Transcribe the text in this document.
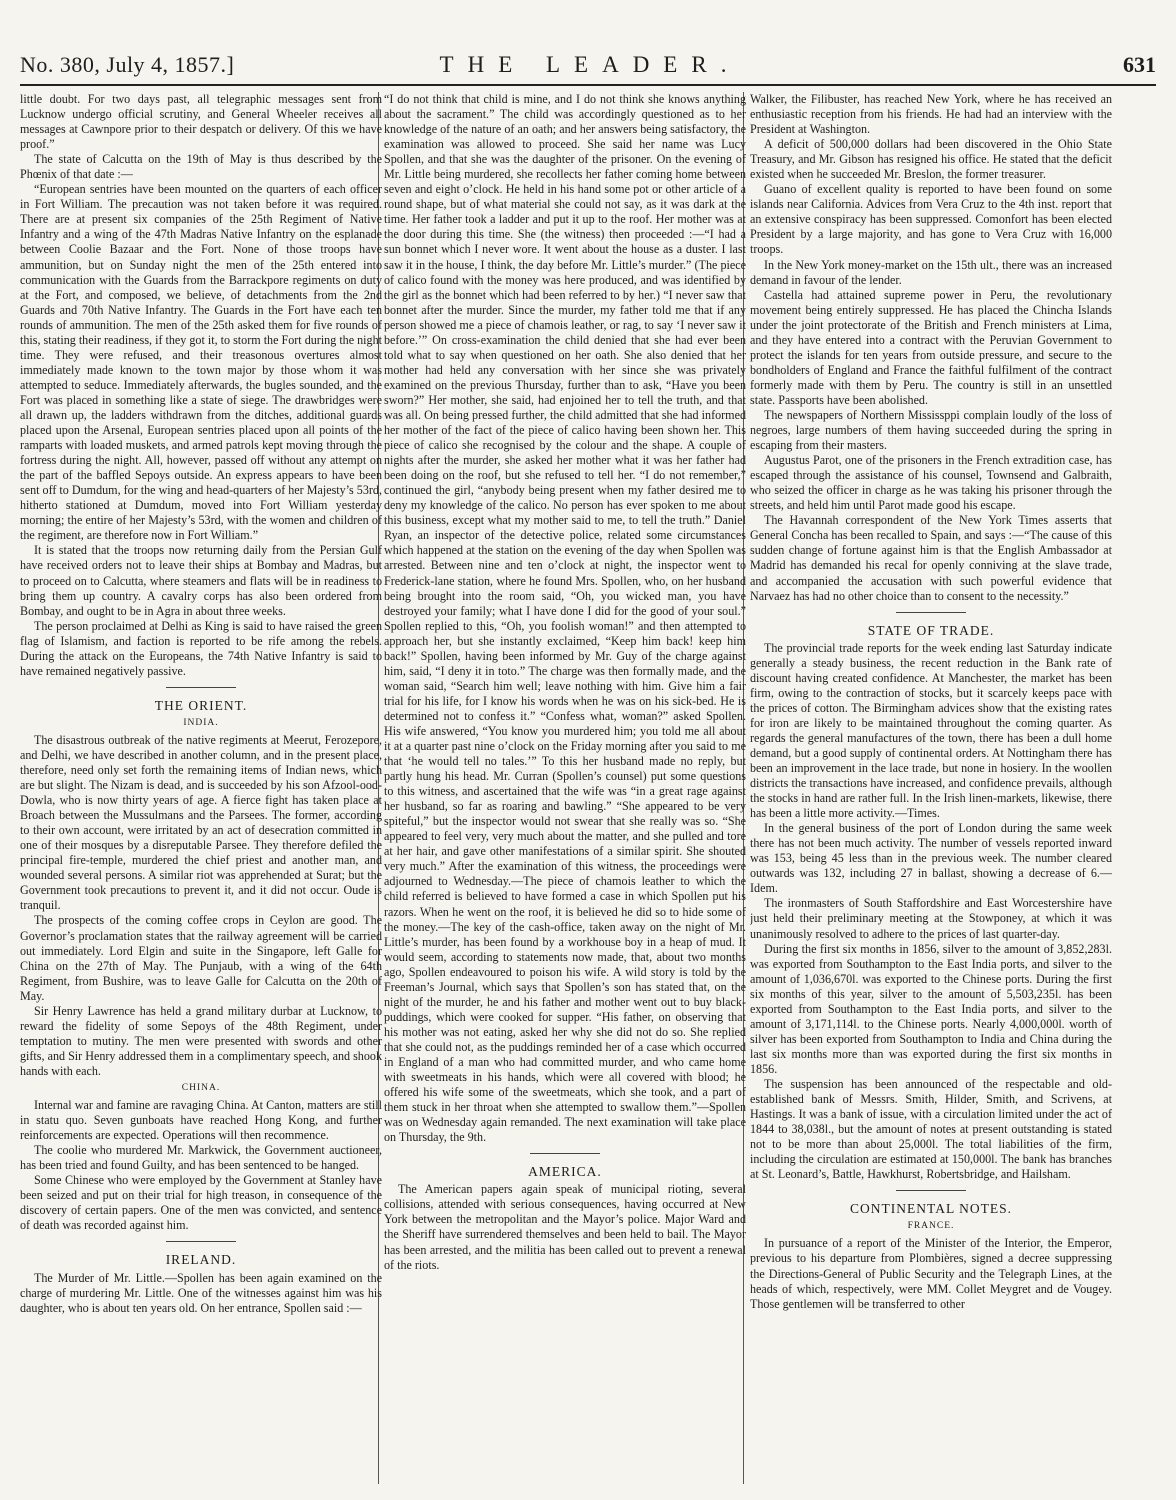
No. 380, July 4, 1857.]	THE LEADER.	631

little doubt. For two days past, all telegraphic messages sent from Lucknow undergo official scrutiny, and General Wheeler receives all messages at Cawnpore prior to their despatch or delivery. Of this we have proof.”

The state of Calcutta on the 19th of May is thus described by the Phœnix of that date :—

“European sentries have been mounted on the quarters of each officer in Fort William. The precaution was not taken before it was required. There are at present six companies of the 25th Regiment of Native Infantry and a wing of the 47th Madras Native Infantry on the esplanade between Coolie Bazaar and the Fort. None of those troops have ammunition, but on Sunday night the men of the 25th entered into communication with the Guards from the Barrackpore regiments on duty at the Fort, and composed, we believe, of detachments from the 2nd Guards and 70th Native Infantry. The Guards in the Fort have each ten rounds of ammunition. The men of the 25th asked them for five rounds of this, stating their readiness, if they got it, to storm the Fort during the night time. They were refused, and their treasonous overtures almost immediately made known to the town major by those whom it was attempted to seduce. Immediately afterwards, the bugles sounded, and the Fort was placed in something like a state of siege. The drawbridges were all drawn up, the ladders withdrawn from the ditches, additional guards placed upon the Arsenal, European sentries placed upon all points of the ramparts with loaded muskets, and armed patrols kept moving through the fortress during the night. All, however, passed off without any attempt on the part of the baffled Sepoys outside. An express appears to have been sent off to Dumdum, for the wing and head-quarters of her Majesty’s 53rd, hitherto stationed at Dumdum, moved into Fort William yesterday morning; the entire of her Majesty’s 53rd, with the women and children of the regiment, are therefore now in Fort William.”

It is stated that the troops now returning daily from the Persian Gulf have received orders not to leave their ships at Bombay and Madras, but to proceed on to Calcutta, where steamers and flats will be in readiness to bring them up country. A cavalry corps has also been ordered from Bombay, and ought to be in Agra in about three weeks.

The person proclaimed at Delhi as King is said to have raised the green flag of Islamism, and faction is reported to be rife among the rebels. During the attack on the Europeans, the 74th Native Infantry is said to have remained negatively passive.

THE ORIENT.
INDIA.

The disastrous outbreak of the native regiments at Meerut, Ferozepore, and Delhi, we have described in another column, and in the present place, therefore, need only set forth the remaining items of Indian news, which are but slight. The Nizam is dead, and is succeeded by his son Afzool-ood-Dowla, who is now thirty years of age. A fierce fight has taken place at Broach between the Mussulmans and the Parsees. The former, according to their own account, were irritated by an act of desecration committed in one of their mosques by a disreputable Parsee. They therefore defiled the principal fire-temple, murdered the chief priest and another man, and wounded several persons. A similar riot was apprehended at Surat; but the Government took precautions to prevent it, and it did not occur. Oude is tranquil.

The prospects of the coming coffee crops in Ceylon are good. The Governor’s proclamation states that the railway agreement will be carried out immediately. Lord Elgin and suite in the Singapore, left Galle for China on the 27th of May. The Punjaub, with a wing of the 64th Regiment, from Bushire, was to leave Galle for Calcutta on the 20th of May.

Sir Henry Lawrence has held a grand military durbar at Lucknow, to reward the fidelity of some Sepoys of the 48th Regiment, under temptation to mutiny. The men were presented with swords and other gifts, and Sir Henry addressed them in a complimentary speech, and shook hands with each.

CHINA.

Internal war and famine are ravaging China. At Canton, matters are still in statu quo. Seven gunboats have reached Hong Kong, and further reinforcements are expected. Operations will then recommence.

The coolie who murdered Mr. Markwick, the Government auctioneer, has been tried and found Guilty, and has been sentenced to be hanged.

Some Chinese who were employed by the Government at Stanley have been seized and put on their trial for high treason, in consequence of the discovery of certain papers. One of the men was convicted, and sentence of death was recorded against him.

IRELAND.

The Murder of Mr. Little.—Spollen has been again examined on the charge of murdering Mr. Little. One of the witnesses against him was his daughter, who is about ten years old. On her entrance, Spollen said :—

“I do not think that child is mine, and I do not think she knows anything about the sacrament.” The child was accordingly questioned as to her knowledge of the nature of an oath; and her answers being satisfactory, the examination was allowed to proceed. She said her name was Lucy Spollen, and that she was the daughter of the prisoner. On the evening of Mr. Little being murdered, she recollects her father coming home between seven and eight o’clock. He held in his hand some pot or other article of a round shape, but of what material she could not say, as it was dark at the time. Her father took a ladder and put it up to the roof. Her mother was at the door during this time. She (the witness) then proceeded :—“I had a sun bonnet which I never wore. It went about the house as a duster. I last saw it in the house, I think, the day before Mr. Little’s murder.” (The piece of calico found with the money was here produced, and was identified by the girl as the bonnet which had been referred to by her.) “I never saw that bonnet after the murder. Since the murder, my father told me that if any person showed me a piece of chamois leather, or rag, to say ‘I never saw it before.’” On cross-examination the child denied that she had ever been told what to say when questioned on her oath. She also denied that her mother had held any conversation with her since she was privately examined on the previous Thursday, further than to ask, “Have you been sworn?” Her mother, she said, had enjoined her to tell the truth, and that was all. On being pressed further, the child admitted that she had informed her mother of the fact of the piece of calico having been shown her. This piece of calico she recognised by the colour and the shape. A couple of nights after the murder, she asked her mother what it was her father had been doing on the roof, but she refused to tell her. “I do not remember,” continued the girl, “anybody being present when my father desired me to deny my knowledge of the calico. No person has ever spoken to me about this business, except what my mother said to me, to tell the truth.” Daniel Ryan, an inspector of the detective police, related some circumstances which happened at the station on the evening of the day when Spollen was arrested. Between nine and ten o’clock at night, the inspector went to Frederick-lane station, where he found Mrs. Spollen, who, on her husband being brought into the room said, “Oh, you wicked man, you have destroyed your family; what I have done I did for the good of your soul.” Spollen replied to this, “Oh, you foolish woman!” and then attempted to approach her, but she instantly exclaimed, “Keep him back! keep him back!” Spollen, having been informed by Mr. Guy of the charge against him, said, “I deny it in toto.” The charge was then formally made, and the woman said, “Search him well; leave nothing with him. Give him a fair trial for his life, for I know his words when he was on his sick-bed. He is determined not to confess it.” “Confess what, woman?” asked Spollen. His wife answered, “You know you murdered him; you told me all about it at a quarter past nine o’clock on the Friday morning after you said to me that ‘he would tell no tales.’” To this her husband made no reply, but partly hung his head. Mr. Curran (Spollen’s counsel) put some questions to this witness, and ascertained that the wife was “in a great rage against her husband, so far as roaring and bawling.” “She appeared to be very spiteful,” but the inspector would not swear that she really was so. “She appeared to feel very, very much about the matter, and she pulled and tore at her hair, and gave other manifestations of a similar spirit. She shouted very much.” After the examination of this witness, the proceedings were adjourned to Wednesday.—The piece of chamois leather to which the child referred is believed to have formed a case in which Spollen put his razors. When he went on the roof, it is believed he did so to hide some of the money.—The key of the cash-office, taken away on the night of Mr. Little’s murder, has been found by a workhouse boy in a heap of mud. It would seem, according to statements now made, that, about two months ago, Spollen endeavoured to poison his wife. A wild story is told by the Freeman’s Journal, which says that Spollen’s son has stated that, on the night of the murder, he and his father and mother went out to buy black-puddings, which were cooked for supper. “His father, on observing that his mother was not eating, asked her why she did not do so. She replied that she could not, as the puddings reminded her of a case which occurred in England of a man who had committed murder, and who came home with sweetmeats in his hands, which were all covered with blood; he offered his wife some of the sweetmeats, which she took, and a part of them stuck in her throat when she attempted to swallow them.”—Spollen was on Wednesday again remanded. The next examination will take place on Thursday, the 9th.

AMERICA.

The American papers again speak of municipal rioting, several collisions, attended with serious consequences, having occurred at New York between the metropolitan and the Mayor’s police. Major Ward and the Sheriff have surrendered themselves and been held to bail. The Mayor has been arrested, and the militia has been called out to prevent a renewal of the riots.

Walker, the Filibuster, has reached New York, where he has received an enthusiastic reception from his friends. He had had an interview with the President at Washington.

A deficit of 500,000 dollars had been discovered in the Ohio State Treasury, and Mr. Gibson has resigned his office. He stated that the deficit existed when he succeeded Mr. Breslon, the former treasurer.

Guano of excellent quality is reported to have been found on some islands near California. Advices from Vera Cruz to the 4th inst. report that an extensive conspiracy has been suppressed. Comonfort has been elected President by a large majority, and has gone to Vera Cruz with 16,000 troops.

In the New York money-market on the 15th ult., there was an increased demand in favour of the lender.

Castella had attained supreme power in Peru, the revolutionary movement being entirely suppressed. He has placed the Chincha Islands under the joint protectorate of the British and French ministers at Lima, and they have entered into a contract with the Peruvian Government to protect the islands for ten years from outside pressure, and secure to the bondholders of England and France the faithful fulfilment of the contract formerly made with them by Peru. The country is still in an unsettled state. Passports have been abolished.

The newspapers of Northern Mississppi complain loudly of the loss of negroes, large numbers of them having succeeded during the spring in escaping from their masters.

Augustus Parot, one of the prisoners in the French extradition case, has escaped through the assistance of his counsel, Townsend and Galbraith, who seized the officer in charge as he was taking his prisoner through the streets, and held him until Parot made good his escape.

The Havannah correspondent of the New York Times asserts that General Concha has been recalled to Spain, and says :—“The cause of this sudden change of fortune against him is that the English Ambassador at Madrid has demanded his recal for openly conniving at the slave trade, and accompanied the accusation with such powerful evidence that Narvaez has had no other choice than to consent to the necessity.”

STATE OF TRADE.

The provincial trade reports for the week ending last Saturday indicate generally a steady business, the recent reduction in the Bank rate of discount having created confidence. At Manchester, the market has been firm, owing to the contraction of stocks, but it scarcely keeps pace with the prices of cotton. The Birmingham advices show that the existing rates for iron are likely to be maintained throughout the coming quarter. As regards the general manufactures of the town, there has been a dull home demand, but a good supply of continental orders. At Nottingham there has been an improvement in the lace trade, but none in hosiery. In the woollen districts the transactions have increased, and confidence prevails, although the stocks in hand are rather full. In the Irish linen-markets, likewise, there has been a little more activity.—Times.

In the general business of the port of London during the same week there has not been much activity. The number of vessels reported inward was 153, being 45 less than in the previous week. The number cleared outwards was 132, including 27 in ballast, showing a decrease of 6.—Idem.

The ironmasters of South Staffordshire and East Worcestershire have just held their preliminary meeting at the Stowponey, at which it was unanimously resolved to adhere to the prices of last quarter-day.

During the first six months in 1856, silver to the amount of 3,852,283l. was exported from Southampton to the East India ports, and silver to the amount of 1,036,670l. was exported to the Chinese ports. During the first six months of this year, silver to the amount of 5,503,235l. has been exported from Southampton to the East India ports, and silver to the amount of 3,171,114l. to the Chinese ports. Nearly 4,000,000l. worth of silver has been exported from Southampton to India and China during the last six months more than was exported during the first six months in 1856.

The suspension has been announced of the respectable and old-established bank of Messrs. Smith, Hilder, Smith, and Scrivens, at Hastings. It was a bank of issue, with a circulation limited under the act of 1844 to 38,038l., but the amount of notes at present outstanding is stated not to be more than about 25,000l. The total liabilities of the firm, including the circulation are estimated at 150,000l. The bank has branches at St. Leonard’s, Battle, Hawkhurst, Robertsbridge, and Hailsham.

CONTINENTAL NOTES.
FRANCE.

In pursuance of a report of the Minister of the Interior, the Emperor, previous to his departure from Plombières, signed a decree suppressing the Directions-General of Public Security and the Telegraph Lines, at the heads of which, respectively, were MM. Collet Meygret and de Vougey. Those gentlemen will be transferred to other
